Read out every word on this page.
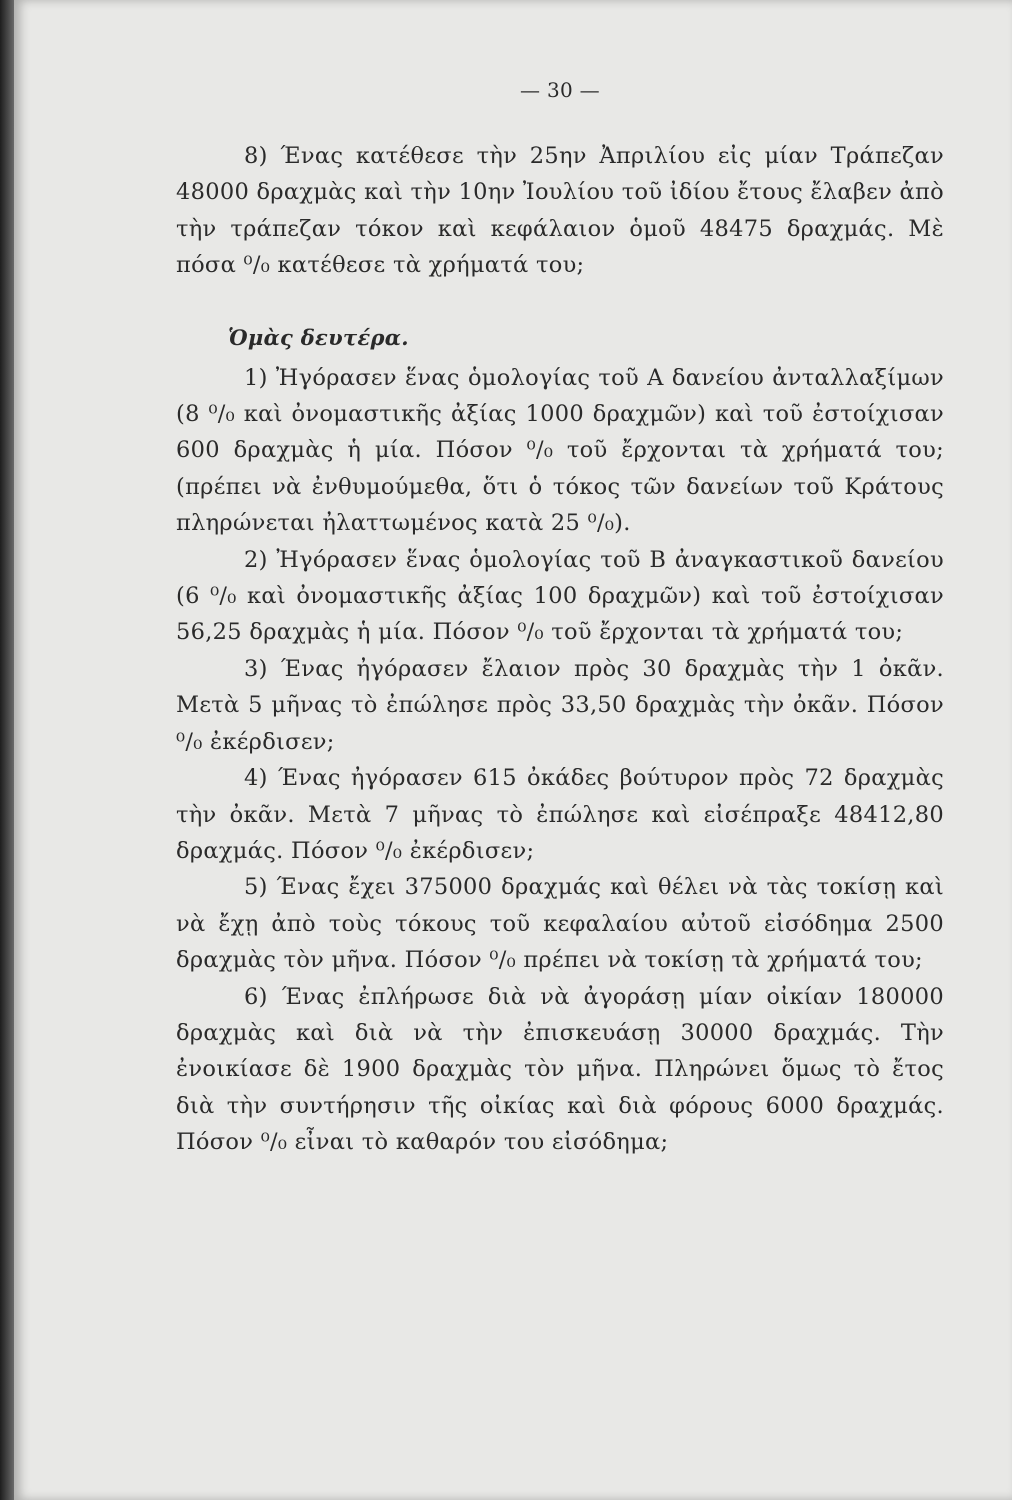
— 30 —

8) Ένας κατέθεσε τὴν 25ην Ἀπριλίου εἰς μίαν Τράπεζαν 48000 δραχμὰς καὶ τὴν 10ην Ἰουλίου τοῦ ἰδίου ἔτους ἔλαβεν ἀπὸ τὴν τράπεζαν τόκον καὶ κεφάλαιον ὁμοῦ 48475 δραχμάς. Μὲ πόσα ⁰/₀ κατέθεσε τὰ χρήματά του;

Ὁμὰς δευτέρα.

1) Ἠγόρασεν ἕνας ὁμολογίας τοῦ Α δανείου ἀνταλλαξίμων (8 ⁰/₀ καὶ ὀνομαστικῆς ἀξίας 1000 δραχμῶν) καὶ τοῦ ἐστοίχισαν 600 δραχμὰς ἡ μία. Πόσον ⁰/₀ τοῦ ἔρχονται τὰ χρήματά του; (πρέπει νὰ ἐνθυμούμεθα, ὅτι ὁ τόκος τῶν δανείων τοῦ Κράτους πληρώνεται ἠλαττωμένος κατὰ 25 ⁰/₀).

2) Ἠγόρασεν ἕνας ὁμολογίας τοῦ Β ἀναγκαστικοῦ δανείου (6 ⁰/₀ καὶ ὀνομαστικῆς ἀξίας 100 δραχμῶν) καὶ τοῦ ἐστοίχισαν 56,25 δραχμὰς ἡ μία. Πόσον ⁰/₀ τοῦ ἔρχονται τὰ χρήματά του;

3) Ένας ἠγόρασεν ἔλαιον πρὸς 30 δραχμὰς τὴν 1 ὀκᾶν. Μετὰ 5 μῆνας τὸ ἐπώλησε πρὸς 33,50 δραχμὰς τὴν ὀκᾶν. Πόσον ⁰/₀ ἐκέρδισεν;

4) Ένας ἠγόρασεν 615 ὀκάδες βούτυρον πρὸς 72 δραχμὰς τὴν ὀκᾶν. Μετὰ 7 μῆνας τὸ ἐπώλησε καὶ εἰσέπραξε 48412,80 δραχμάς. Πόσον ⁰/₀ ἐκέρδισεν;

5) Ένας ἔχει 375000 δραχμάς καὶ θέλει νὰ τὰς τοκίσῃ καὶ νὰ ἔχῃ ἀπὸ τοὺς τόκους τοῦ κεφαλαίου αὐτοῦ εἰσόδημα 2500 δραχμὰς τὸν μῆνα. Πόσον ⁰/₀ πρέπει νὰ τοκίσῃ τὰ χρήματά του;

6) Ένας ἐπλήρωσε διὰ νὰ ἀγοράσῃ μίαν οἰκίαν 180000 δραχμὰς καὶ διὰ νὰ τὴν ἐπισκευάσῃ 30000 δραχμάς. Τὴν ἐνοικίασε δὲ 1900 δραχμὰς τὸν μῆνα. Πληρώνει ὅμως τὸ ἔτος διὰ τὴν συντήρησιν τῆς οἰκίας καὶ διὰ φόρους 6000 δραχμάς. Πόσον ⁰/₀ εἶναι τὸ καθαρόν του εἰσόδημα;
